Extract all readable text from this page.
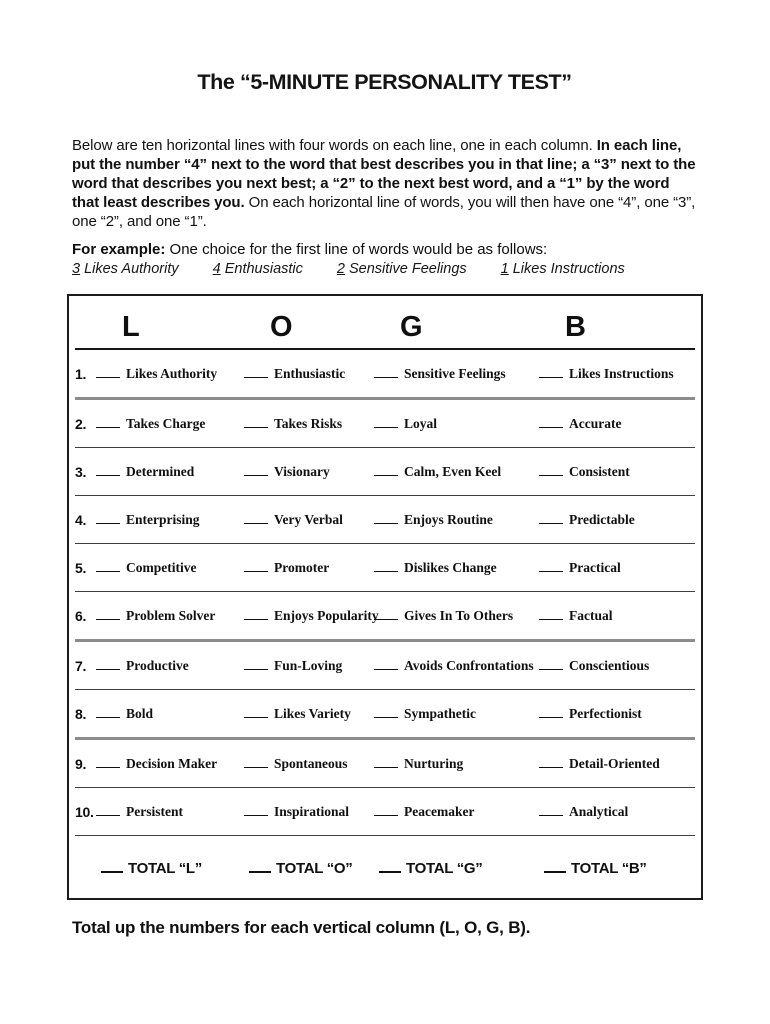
The “5-MINUTE PERSONALITY TEST”

Below are ten horizontal lines with four words on each line, one in each column. In each line, put the number “4” next to the word that best describes you in that line; a “3” next to the word that describes you next best; a “2” to the next best word, and a “1” by the word that least describes you. On each horizontal line of words, you will then have one “4”, one “3”, one “2”, and one “1”.

For example: One choice for the first line of words would be as follows:

3 Likes Authority 4 Enthusiastic 2 Sensitive Feelings 1 Likes Instructions
L	O	G	B
1.	Likes Authority	Enthusiastic	Sensitive Feelings	Likes Instructions
2.	Takes Charge	Takes Risks	Loyal	Accurate
3.	Determined	Visionary	Calm, Even Keel	Consistent
4.	Enterprising	Very Verbal	Enjoys Routine	Predictable
5.	Competitive	Promoter	Dislikes Change	Practical
6.	Problem Solver	Enjoys Popularity	Gives In To Others	Factual
7.	Productive	Fun-Loving	Avoids Confrontations	Conscientious
8.	Bold	Likes Variety	Sympathetic	Perfectionist
9.	Decision Maker	Spontaneous	Nurturing	Detail-Oriented
10.	Persistent	Inspirational	Peacemaker	Analytical
TOTAL “L”	TOTAL “O”	TOTAL “G”	TOTAL “B”

Total up the numbers for each vertical column (L, O, G, B).
